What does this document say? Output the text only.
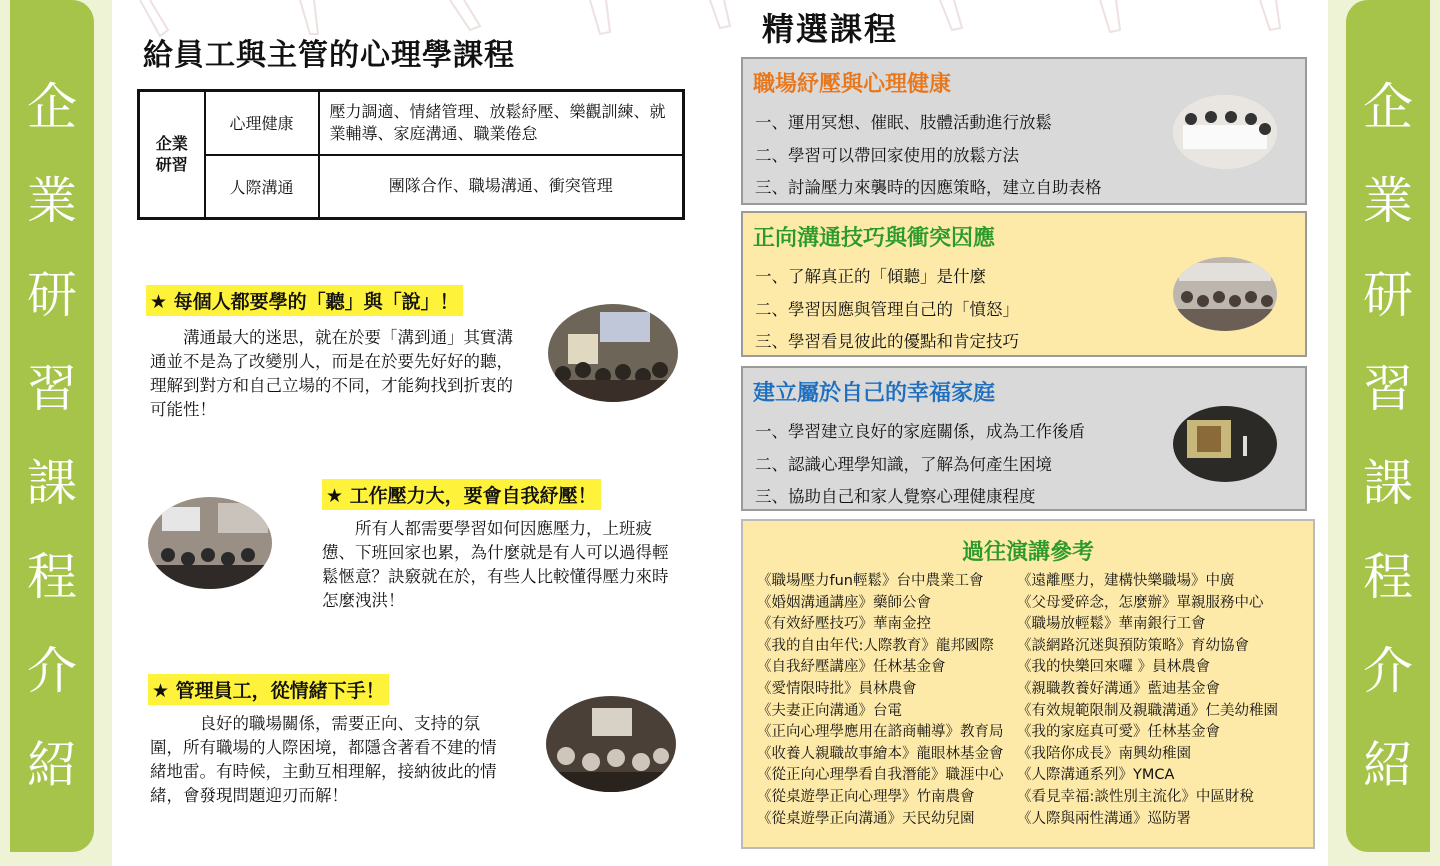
企
業
研
習
課
程
介
紹
企
業
研
習
課
程
介
紹
給員工與主管的心理學課程
企業
研習	心理健康	壓力調適、情緒管理、放鬆紓壓、樂觀訓練、就業輔導、家庭溝通、職業倦怠
	人際溝通	團隊合作、職場溝通、衝突管理
★ 每個人都要學的「聽」與「說」！
溝通最大的迷思，就在於要「溝到通」其實溝通並不是為了改變別人，而是在於要先好好的聽，理解到對方和自己立場的不同，才能夠找到折衷的可能性！
★ 工作壓力大，要會自我紓壓！
所有人都需要學習如何因應壓力，上班疲憊、下班回家也累，為什麼就是有人可以過得輕鬆愜意？訣竅就在於，有些人比較懂得壓力來時怎麼洩洪！
★ 管理員工，從情緒下手！
良好的職場關係，需要正向、支持的氛圍，所有職場的人際困境，都隱含著看不建的情緒地雷。有時候，主動互相理解，接納彼此的情緒，會發現問題迎刃而解！
精選課程
職場紓壓與心理健康
一、運用冥想、催眠、肢體活動進行放鬆
二、學習可以帶回家使用的放鬆方法
三、討論壓力來襲時的因應策略，建立自助表格
正向溝通技巧與衝突因應
一、了解真正的「傾聽」是什麼
二、學習因應與管理自己的「憤怒」
三、學習看見彼此的優點和肯定技巧
建立屬於自己的幸福家庭
一、學習建立良好的家庭關係，成為工作後盾
二、認識心理學知識，了解為何產生困境
三、協助自己和家人覺察心理健康程度
過往演講參考
《職場壓力fun輕鬆》台中農業工會
《婚姻溝通講座》藥師公會
《有效紓壓技巧》華南金控
《我的自由年代:人際教育》龍邦國際
《自我紓壓講座》任林基金會
《愛情限時批》員林農會
《夫妻正向溝通》台電
《正向心理學應用在諮商輔導》教育局
《收養人親職故事繪本》龍眼林基金會
《從正向心理學看自我潛能》職涯中心
《從桌遊學正向心理學》竹南農會
《從桌遊學正向溝通》天民幼兒園
《遠離壓力，建構快樂職場》中廣
《父母愛碎念，怎麼辦》單親服務中心
《職場放輕鬆》華南銀行工會
《談網路沉迷與預防策略》育幼協會
《我的快樂回來囉 》員林農會
《親職教養好溝通》藍迪基金會
《有效規範限制及親職溝通》仁美幼稚園
《我的家庭真可愛》任林基金會
《我陪你成長》南興幼稚園
《人際溝通系列》YMCA
《看見幸福:談性別主流化》中區財稅
《人際與兩性溝通》巡防署
